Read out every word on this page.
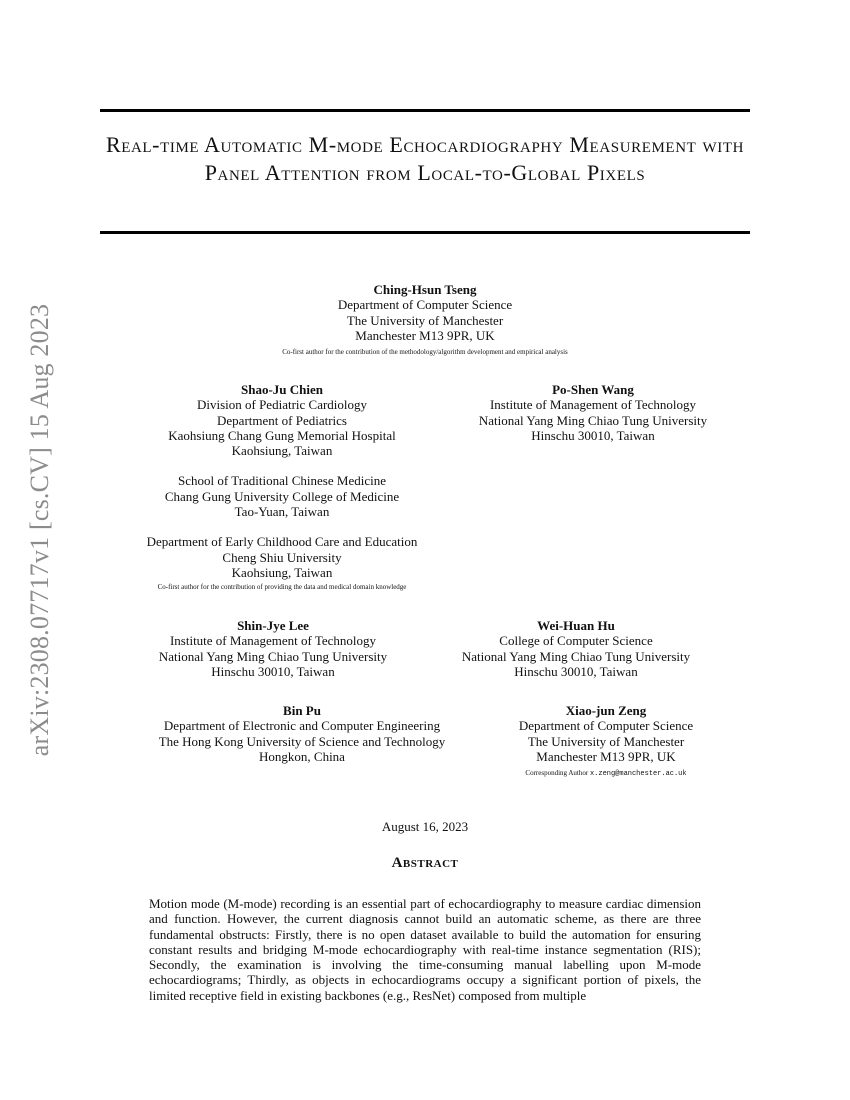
arXiv:2308.07717v1 [cs.CV] 15 Aug 2023
Real-time Automatic M-mode Echocardiography Measurement with Panel Attention from Local-to-Global Pixels
Ching-Hsun Tseng
Department of Computer Science
The University of Manchester
Manchester M13 9PR, UK
Co-first author for the contribution of the methodology/algorithm development and empirical analysis
Shao-Ju Chien
Division of Pediatric Cardiology
Department of Pediatrics
Kaohsiung Chang Gung Memorial Hospital
Kaohsiung, Taiwan
School of Traditional Chinese Medicine
Chang Gung University College of Medicine
Tao-Yuan, Taiwan
Department of Early Childhood Care and Education
Cheng Shiu University
Kaohsiung, Taiwan
Co-first author for the contribution of providing the data and medical domain knowledge
Po-Shen Wang
Institute of Management of Technology
National Yang Ming Chiao Tung University
Hinschu 30010, Taiwan
Shin-Jye Lee
Institute of Management of Technology
National Yang Ming Chiao Tung University
Hinschu 30010, Taiwan
Wei-Huan Hu
College of Computer Science
National Yang Ming Chiao Tung University
Hinschu 30010, Taiwan
Bin Pu
Department of Electronic and Computer Engineering
The Hong Kong University of Science and Technology
Hongkon, China
Xiao-jun Zeng
Department of Computer Science
The University of Manchester
Manchester M13 9PR, UK
Corresponding Author x.zeng@manchester.ac.uk
August 16, 2023
Abstract
Motion mode (M-mode) recording is an essential part of echocardiography to measure cardiac dimension and function. However, the current diagnosis cannot build an automatic scheme, as there are three fundamental obstructs: Firstly, there is no open dataset available to build the automation for ensuring constant results and bridging M-mode echocardiography with real-time instance segmentation (RIS); Secondly, the examination is involving the time-consuming manual labelling upon M-mode echocardiograms; Thirdly, as objects in echocardiograms occupy a significant portion of pixels, the limited receptive field in existing backbones (e.g., ResNet) composed from multiple
